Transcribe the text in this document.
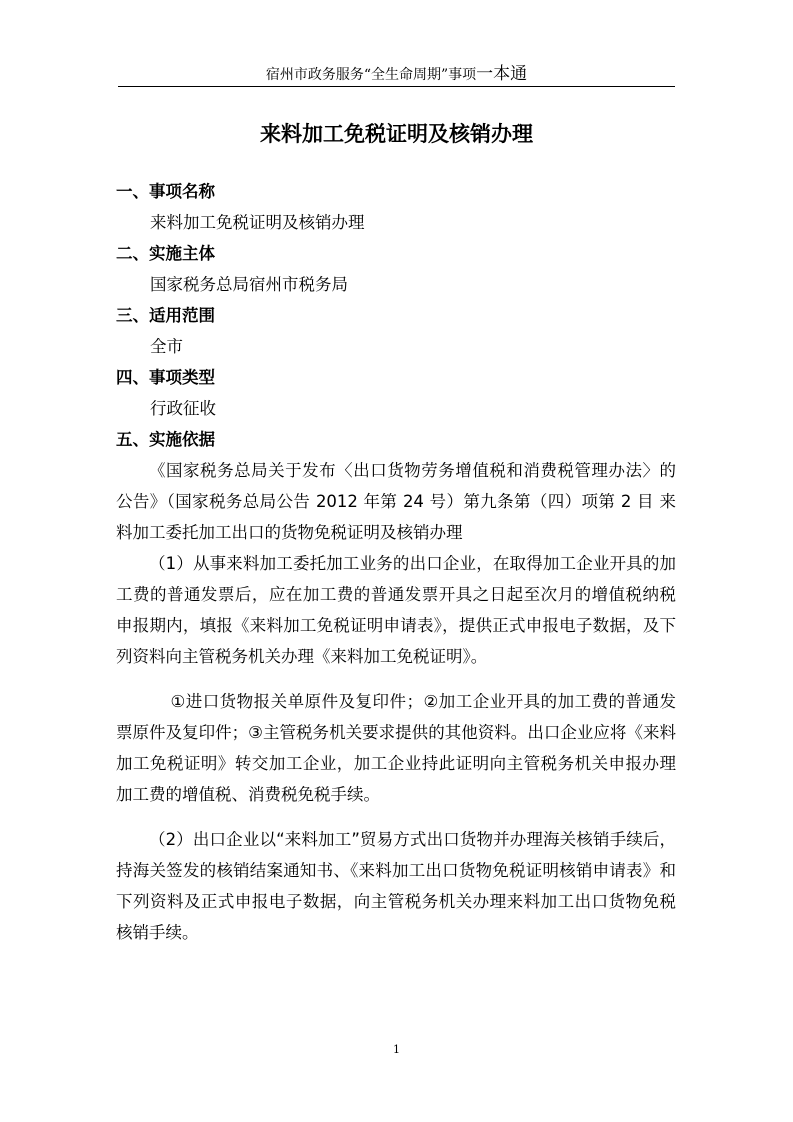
宿州市政务服务“全生命周期”事项一本通
来料加工免税证明及核销办理
一、事项名称
来料加工免税证明及核销办理
二、实施主体
国家税务总局宿州市税务局
三、适用范围
全市
四、事项类型
行政征收
五、实施依据

《国家税务总局关于发布〈出口货物劳务增值税和消费税管理办法〉的公告》（国家税务总局公告 2012 年第 24 号）第九条第（四）项第 2 目 来料加工委托加工出口的货物免税证明及核销办理

（1）从事来料加工委托加工业务的出口企业，在取得加工企业开具的加工费的普通发票后，应在加工费的普通发票开具之日起至次月的增值税纳税申报期内，填报《来料加工免税证明申请表》，提供正式申报电子数据，及下列资料向主管税务机关办理《来料加工免税证明》。

①进口货物报关单原件及复印件；②加工企业开具的加工费的普通发票原件及复印件；③主管税务机关要求提供的其他资料。出口企业应将《来料加工免税证明》转交加工企业，加工企业持此证明向主管税务机关申报办理加工费的增值税、消费税免税手续。

（2）出口企业以“来料加工”贸易方式出口货物并办理海关核销手续后，持海关签发的核销结案通知书、《来料加工出口货物免税证明核销申请表》和下列资料及正式申报电子数据，向主管税务机关办理来料加工出口货物免税核销手续。

1
